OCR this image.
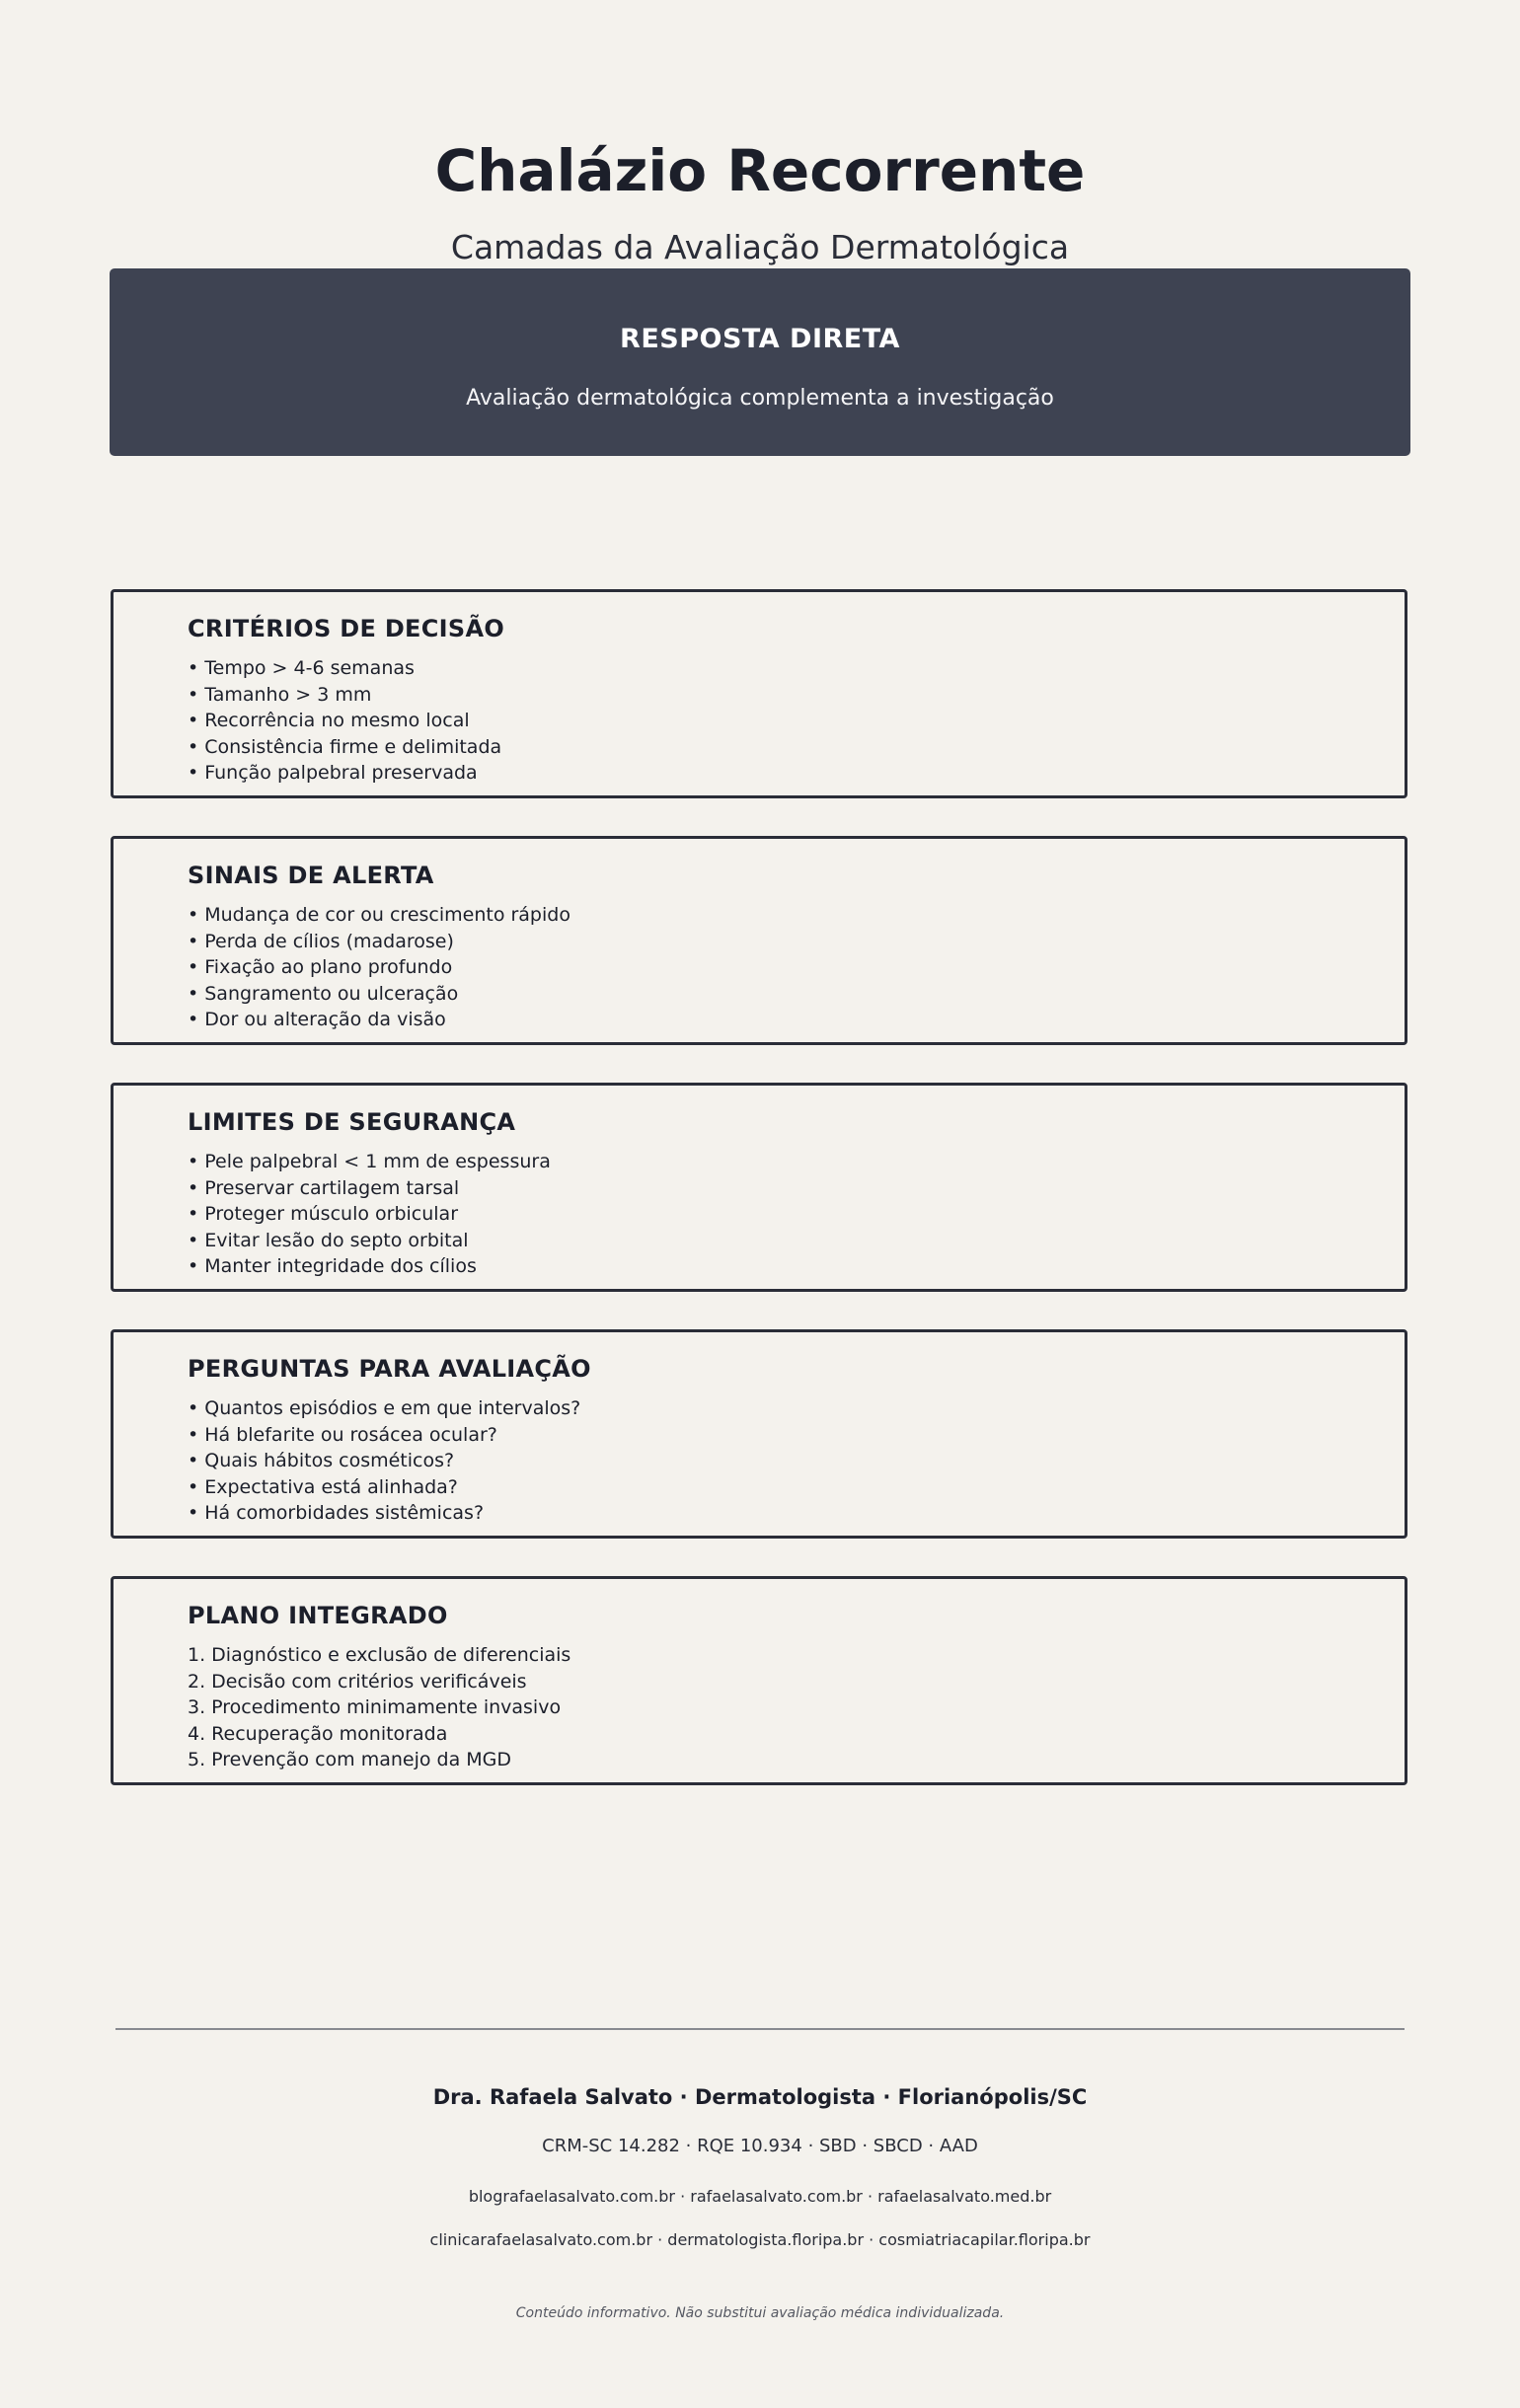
Chalázio Recorrente
Camadas da Avaliação Dermatológica
RESPOSTA DIRETA
Avaliação dermatológica complementa a investigação
CRITÉRIOS DE DECISÃO
• Tempo > 4-6 semanas
• Tamanho > 3 mm
• Recorrência no mesmo local
• Consistência firme e delimitada
• Função palpebral preservada
SINAIS DE ALERTA
• Mudança de cor ou crescimento rápido
• Perda de cílios (madarose)
• Fixação ao plano profundo
• Sangramento ou ulceração
• Dor ou alteração da visão
LIMITES DE SEGURANÇA
• Pele palpebral < 1 mm de espessura
• Preservar cartilagem tarsal
• Proteger músculo orbicular
• Evitar lesão do septo orbital
• Manter integridade dos cílios
PERGUNTAS PARA AVALIAÇÃO
• Quantos episódios e em que intervalos?
• Há blefarite ou rosácea ocular?
• Quais hábitos cosméticos?
• Expectativa está alinhada?
• Há comorbidades sistêmicas?
PLANO INTEGRADO
1. Diagnóstico e exclusão de diferenciais
2. Decisão com critérios verificáveis
3. Procedimento minimamente invasivo
4. Recuperação monitorada
5. Prevenção com manejo da MGD
Dra. Rafaela Salvato · Dermatologista · Florianópolis/SC
CRM-SC 14.282 · RQE 10.934 · SBD · SBCD · AAD
blografaelasalvato.com.br · rafaelasalvato.com.br · rafaelasalvato.med.br
clinicarafaelasalvato.com.br · dermatologista.floripa.br · cosmiatriacapilar.floripa.br
Conteúdo informativo. Não substitui avaliação médica individualizada.
